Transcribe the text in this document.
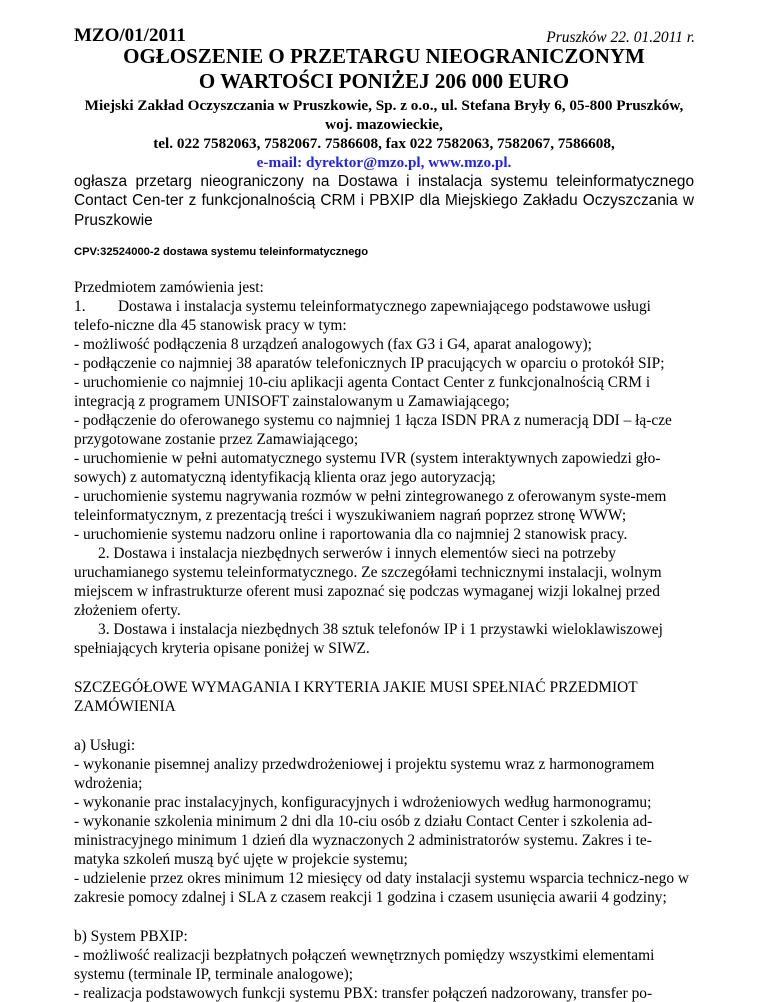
MZO/01/2011	Pruszków 22. 01.2011 r.
OGŁOSZENIE O PRZETARGU NIEOGRANICZONYM
O WARTOŚCI PONIŻEJ 206 000 EURO
Miejski Zakład Oczyszczania w Pruszkowie, Sp. z o.o., ul. Stefana Bryły 6, 05-800 Pruszków,
woj. mazowieckie,
tel. 022 7582063, 7582067. 7586608, fax 022 7582063, 7582067, 7586608,
e-mail: dyrektor@mzo.pl, www.mzo.pl.
ogłasza przetarg nieograniczony na Dostawa i instalacja systemu teleinformatycznego
Contact Cen-ter z funkcjonalnością CRM i PBXIP dla Miejskiego Zakładu Oczyszczania w
Pruszkowie
CPV:32524000-2 dostawa systemu teleinformatycznego
Przedmiotem zamówienia jest:
1. Dostawa i instalacja systemu teleinformatycznego zapewniającego podstawowe usługi
telefo-niczne dla 45 stanowisk pracy w tym:
- możliwość podłączenia 8 urządzeń analogowych (fax G3 i G4, aparat analogowy);
- podłączenie co najmniej 38 aparatów telefonicznych IP pracujących w oparciu o protokół SIP;
- uruchomienie co najmniej 10-ciu aplikacji agenta Contact Center z funkcjonalnością CRM i
integracją z programem UNISOFT zainstalowanym u Zamawiającego;
- podłączenie do oferowanego systemu co najmniej 1 łącza ISDN PRA z numeracją DDI – łą-cze
przygotowane zostanie przez Zamawiającego;
- uruchomienie w pełni automatycznego systemu IVR (system interaktywnych zapowiedzi gło-
sowych) z automatyczną identyfikacją klienta oraz jego autoryzacją;
- uruchomienie systemu nagrywania rozmów w pełni zintegrowanego z oferowanym syste-mem
teleinformatycznym, z prezentacją treści i wyszukiwaniem nagrań poprzez stronę WWW;
- uruchomienie systemu nadzoru online i raportowania dla co najmniej 2 stanowisk pracy.
2. Dostawa i instalacja niezbędnych serwerów i innych elementów sieci na potrzeby
uruchamianego systemu teleinformatycznego. Ze szczegółami technicznymi instalacji, wolnym
miejscem w infrastrukturze oferent musi zapoznać się podczas wymaganej wizji lokalnej przed
złożeniem oferty.
3. Dostawa i instalacja niezbędnych 38 sztuk telefonów IP i 1 przystawki wieloklawiszowej
spełniających kryteria opisane poniżej w SIWZ.
SZCZEGÓŁOWE WYMAGANIA I KRYTERIA JAKIE MUSI SPEŁNIAĆ PRZEDMIOT
ZAMÓWIENIA
a) Usługi:
- wykonanie pisemnej analizy przedwdrożeniowej i projektu systemu wraz z harmonogramem
wdrożenia;
- wykonanie prac instalacyjnych, konfiguracyjnych i wdrożeniowych według harmonogramu;
- wykonanie szkolenia minimum 2 dni dla 10-ciu osób z działu Contact Center i szkolenia ad-
ministracyjnego minimum 1 dzień dla wyznaczonych 2 administratorów systemu. Zakres i te-
matyka szkoleń muszą być ujęte w projekcie systemu;
- udzielenie przez okres minimum 12 miesięcy od daty instalacji systemu wsparcia technicz-nego w
zakresie pomocy zdalnej i SLA z czasem reakcji 1 godzina i czasem usunięcia awarii 4 godziny;
b) System PBXIP:
- możliwość realizacji bezpłatnych połączeń wewnętrznych pomiędzy wszystkimi elementami
systemu (terminale IP, terminale analogowe);
- realizacja podstawowych funkcji systemu PBX: transfer połączeń nadzorowany, transfer po-
